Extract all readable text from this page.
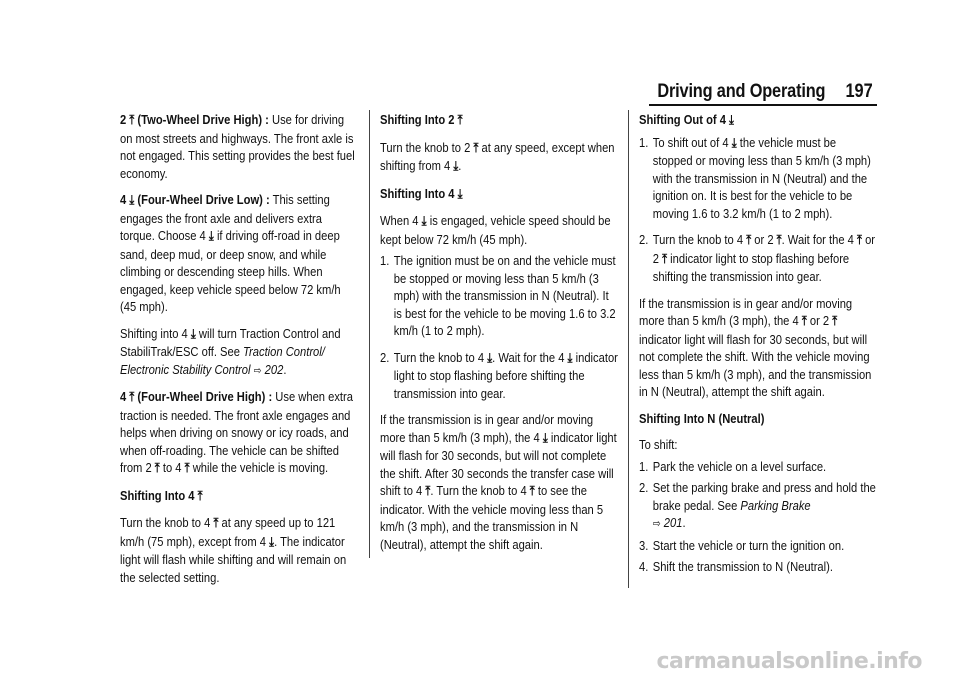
Driving and Operating 197

2 ⤒ (Two-Wheel Drive High) : Use for driving on most streets and highways. The front axle is not engaged. This setting provides the best fuel economy.

4 ⤓ (Four-Wheel Drive Low) : This setting engages the front axle and delivers extra torque. Choose 4 ⤓ if driving off-road in deep sand, deep mud, or deep snow, and while climbing or descending steep hills. When engaged, keep vehicle speed below 72 km/h (45 mph).

Shifting into 4 ⤓ will turn Traction Control and StabiliTrak/ESC off. See Traction Control/ Electronic Stability Control ⇨ 202.

4 ⤒ (Four-Wheel Drive High) : Use when extra traction is needed. The front axle engages and helps when driving on snowy or icy roads, and when off-roading. The vehicle can be shifted from 2 ⤒ to 4 ⤒ while the vehicle is moving.

Shifting Into 4 ⤒

Turn the knob to 4 ⤒ at any speed up to 121 km/h (75 mph), except from 4 ⤓. The indicator light will flash while shifting and will remain on the selected setting.

Shifting Into 2 ⤒

Turn the knob to 2 ⤒ at any speed, except when shifting from 4 ⤓.

Shifting Into 4 ⤓

When 4 ⤓ is engaged, vehicle speed should be kept below 72 km/h (45 mph).

1. The ignition must be on and the vehicle must be stopped or moving less than 5 km/h (3 mph) with the transmission in N (Neutral). It is best for the vehicle to be moving 1.6 to 3.2 km/h (1 to 2 mph).
2. Turn the knob to 4 ⤓. Wait for the 4 ⤓ indicator light to stop flashing before shifting the transmission into gear.

If the transmission is in gear and/or moving more than 5 km/h (3 mph), the 4 ⤓ indicator light will flash for 30 seconds, but will not complete the shift. After 30 seconds the transfer case will shift to 4 ⤒. Turn the knob to 4 ⤒ to see the indicator. With the vehicle moving less than 5 km/h (3 mph), and the transmission in N (Neutral), attempt the shift again.

Shifting Out of 4 ⤓

1. To shift out of 4 ⤓ the vehicle must be stopped or moving less than 5 km/h (3 mph) with the transmission in N (Neutral) and the ignition on. It is best for the vehicle to be moving 1.6 to 3.2 km/h (1 to 2 mph).
2. Turn the knob to 4 ⤒ or 2 ⤒. Wait for the 4 ⤒ or 2 ⤒ indicator light to stop flashing before shifting the transmission into gear.

If the transmission is in gear and/or moving more than 5 km/h (3 mph), the 4 ⤒ or 2 ⤒ indicator light will flash for 30 seconds, but will not complete the shift. With the vehicle moving less than 5 km/h (3 mph), and the transmission in N (Neutral), attempt the shift again.

Shifting Into N (Neutral)

To shift:

1. Park the vehicle on a level surface.
2. Set the parking brake and press and hold the brake pedal. See Parking Brake
⇨ 201.
3. Start the vehicle or turn the ignition on.
4. Shift the transmission to N (Neutral).
carmanualsonline.info
